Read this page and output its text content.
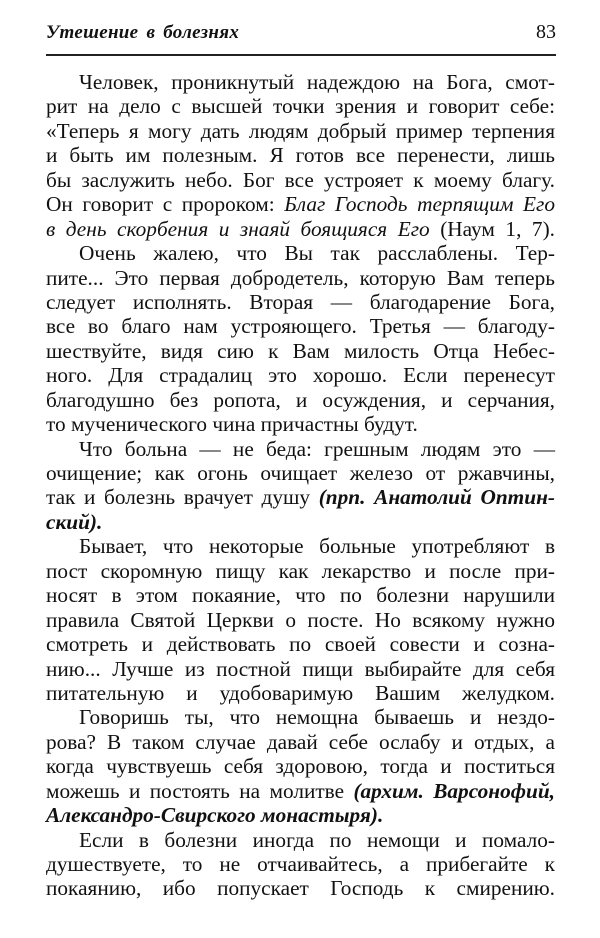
Утешение в болезнях	83
Человек, проникнутый надеждою на Бога, смот-
рит на дело с высшей точки зрения и говорит себе:
«Теперь я могу дать людям добрый пример терпения
и быть им полезным. Я готов все перенести, лишь
бы заслужить небо. Бог все устрояет к моему благу.
Он говорит с пророком: Благ Господь терпящим Его
в день скорбения и знаяй боящияся Его (Наум 1, 7).
Очень жалею, что Вы так расслаблены. Тер-
пите... Это первая добродетель, которую Вам теперь
следует исполнять. Вторая — благодарение Бога,
все во благо нам устрояющего. Третья — благоду-
шествуйте, видя сию к Вам милость Отца Небес-
ного. Для страдалиц это хорошо. Если перенесут
благодушно без ропота, и осуждения, и серчания,
то мученического чина причастны будут.
Что больна — не беда: грешным людям это —
очищение; как огонь очищает железо от ржавчины,
так и болезнь врачует душу (прп. Анатолий Оптин-
ский).
Бывает, что некоторые больные употребляют в
пост скоромную пищу как лекарство и после при-
носят в этом покаяние, что по болезни нарушили
правила Святой Церкви о посте. Но всякому нужно
смотреть и действовать по своей совести и созна-
нию... Лучше из постной пищи выбирайте для себя
питательную и удобоваримую Вашим желудком.
Говоришь ты, что немощна бываешь и нездо-
рова? В таком случае давай себе ослабу и отдых, а
когда чувствуешь себя здоровою, тогда и поститься
можешь и постоять на молитве (архим. Варсонофий,
Александро-Свирского монастыря).
Если в болезни иногда по немощи и помало-
душествуете, то не отчаивайтесь, а прибегайте к
покаянию, ибо попускает Господь к смирению.
